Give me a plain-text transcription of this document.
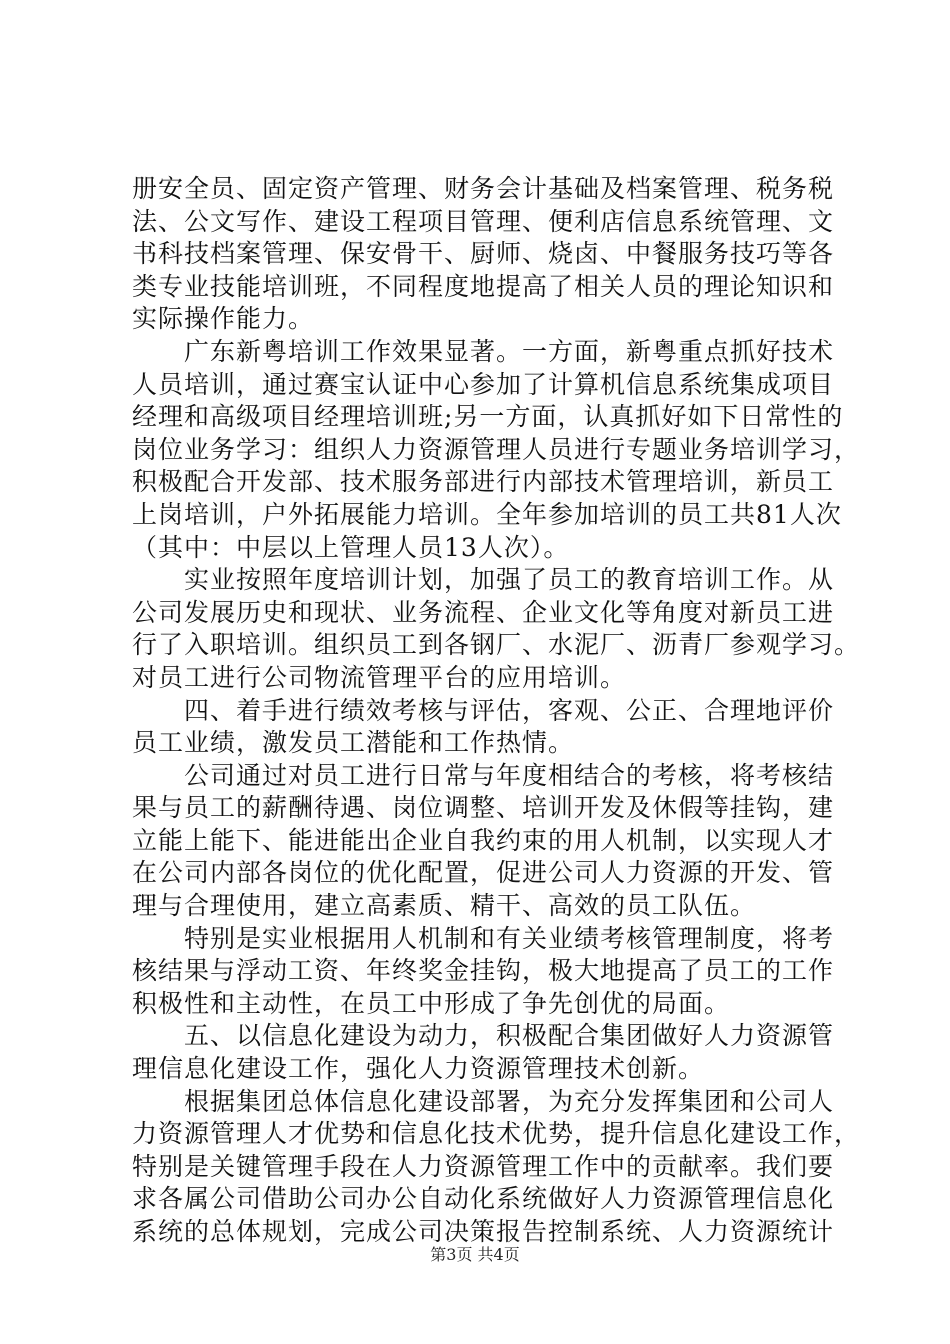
册安全员、固定资产管理、财务会计基础及档案管理、税务税
法、公文写作、建设工程项目管理、便利店信息系统管理、文
书科技档案管理、保安骨干、厨师、烧卤、中餐服务技巧等各
类专业技能培训班，不同程度地提高了相关人员的理论知识和
实际操作能力。
广东新粤培训工作效果显著。一方面，新粤重点抓好技术
人员培训，通过赛宝认证中心参加了计算机信息系统集成项目
经理和高级项目经理培训班;另一方面，认真抓好如下日常性的
岗位业务学习：组织人力资源管理人员进行专题业务培训学习，
积极配合开发部、技术服务部进行内部技术管理培训，新员工
上岗培训，户外拓展能力培训。全年参加培训的员工共81人次
（其中：中层以上管理人员13人次）。
实业按照年度培训计划，加强了员工的教育培训工作。从
公司发展历史和现状、业务流程、企业文化等角度对新员工进
行了入职培训。组织员工到各钢厂、水泥厂、沥青厂参观学习。
对员工进行公司物流管理平台的应用培训。
四、着手进行绩效考核与评估，客观、公正、合理地评价
员工业绩，激发员工潜能和工作热情。
公司通过对员工进行日常与年度相结合的考核，将考核结
果与员工的薪酬待遇、岗位调整、培训开发及休假等挂钩，建
立能上能下、能进能出企业自我约束的用人机制，以实现人才
在公司内部各岗位的优化配置，促进公司人力资源的开发、管
理与合理使用，建立高素质、精干、高效的员工队伍。
特别是实业根据用人机制和有关业绩考核管理制度，将考
核结果与浮动工资、年终奖金挂钩，极大地提高了员工的工作
积极性和主动性，在员工中形成了争先创优的局面。
五、以信息化建设为动力，积极配合集团做好人力资源管
理信息化建设工作，强化人力资源管理技术创新。
根据集团总体信息化建设部署，为充分发挥集团和公司人
力资源管理人才优势和信息化技术优势，提升信息化建设工作，
特别是关键管理手段在人力资源管理工作中的贡献率。我们要
求各属公司借助公司办公自动化系统做好人力资源管理信息化
系统的总体规划，完成公司决策报告控制系统、人力资源统计
第3页 共4页
